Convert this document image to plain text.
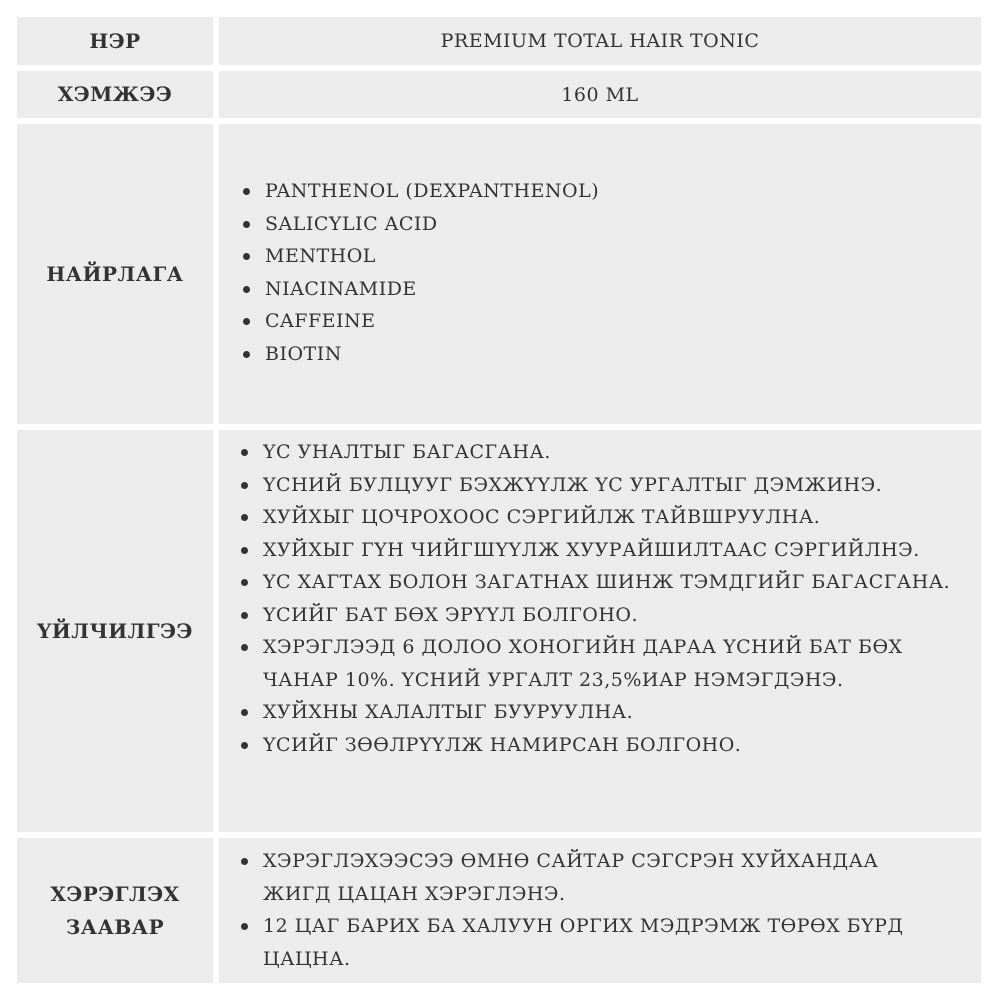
НЭР	PREMIUM TOTAL HAIR TONIC
ХЭМЖЭЭ	160 ML
НАЙРЛАГА
PANTHENOL (DEXPANTHENOL)
SALICYLIC ACID
MENTHOL
NIACINAMIDE
CAFFEINE
BIOTIN
ҮЙЛЧИЛГЭЭ
ҮС УНАЛТЫГ БАГАСГАНА.
ҮСНИЙ БУЛЦУУГ БЭХЖҮҮЛЖ ҮС УРГАЛТЫГ ДЭМЖИНЭ.
ХУЙХЫГ ЦОЧРОХООС СЭРГИЙЛЖ ТАЙВШРУУЛНА.
ХУЙХЫГ ГҮН ЧИЙГШҮҮЛЖ ХУУРАЙШИЛТААС СЭРГИЙЛНЭ.
ҮС ХАГТАХ БОЛОН ЗАГАТНАХ ШИНЖ ТЭМДГИЙГ БАГАСГАНА.
ҮСИЙГ БАТ БӨХ ЭРҮҮЛ БОЛГОНО.
ХЭРЭГЛЭЭД 6 ДОЛОО ХОНОГИЙН ДАРАА ҮСНИЙ БАТ БӨХ ЧАНАР 10%. ҮСНИЙ УРГАЛТ 23,5%ИАР НЭМЭГДЭНЭ.
ХУЙХНЫ ХАЛАЛТЫГ БУУРУУЛНА.
ҮСИЙГ ЗӨӨЛРҮҮЛЖ НАМИРСАН БОЛГОНО.
ХЭРЭГЛЭХ ЗААВАР
ХЭРЭГЛЭХЭЭСЭЭ ӨМНӨ САЙТАР СЭГСРЭН ХУЙХАНДАА ЖИГД ЦАЦАН ХЭРЭГЛЭНЭ.
12 ЦАГ БАРИХ БА ХАЛУУН ОРГИХ МЭДРЭМЖ ТӨРӨХ БҮРД ЦАЦНА.
